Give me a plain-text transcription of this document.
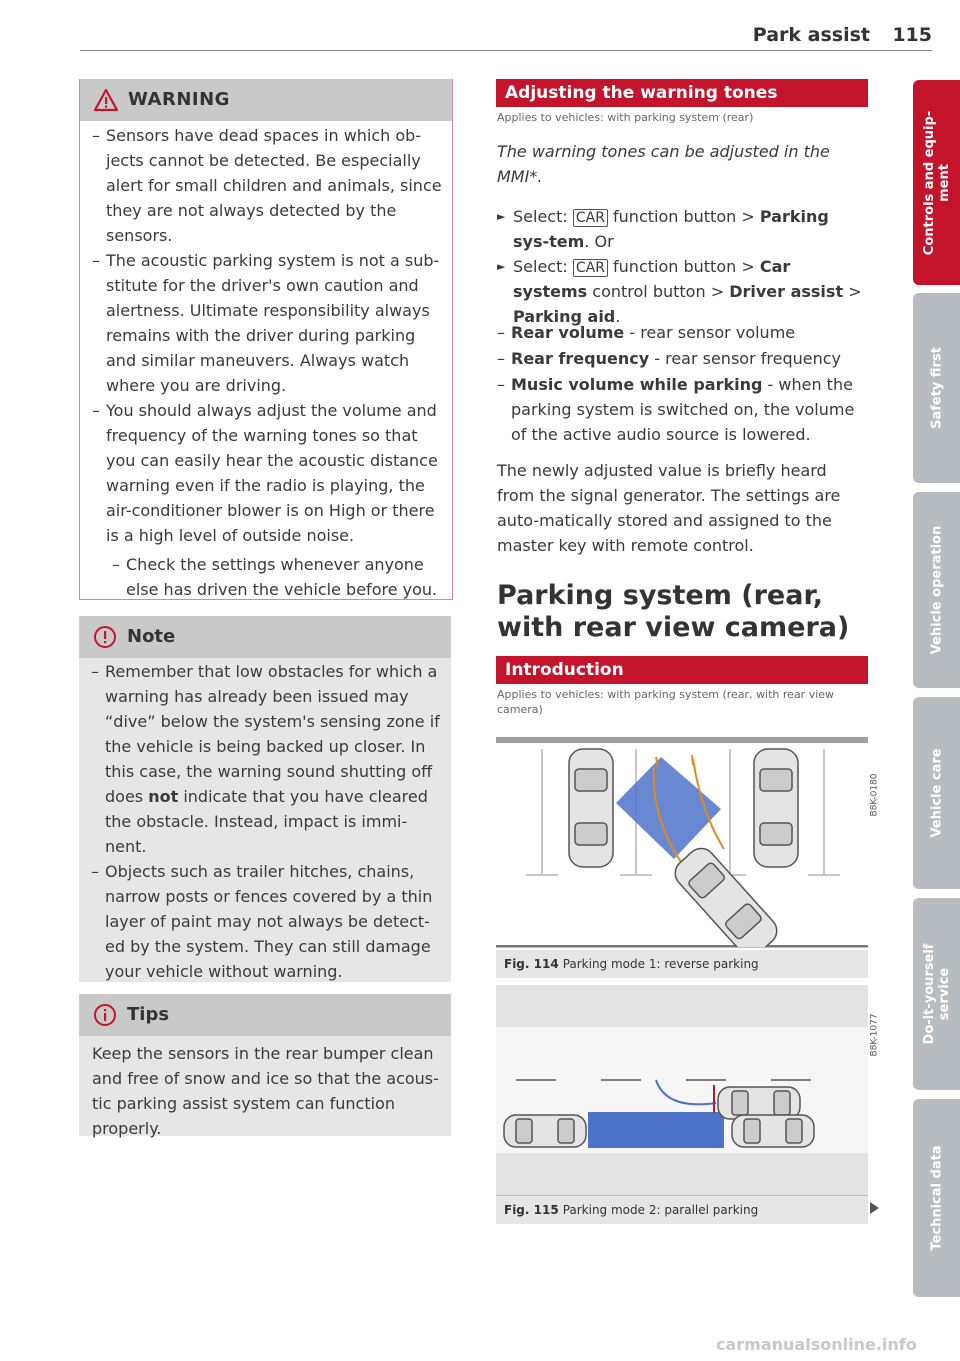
Park assist	115
Controls and equip-
ment
Safety first
Vehicle operation
Vehicle care
Do-it-yourself
service
Technical data
WARNING
– Sensors have dead spaces in which ob-jects cannot be detected. Be especially alert for small children and animals, since they are not always detected by the sensors.
– The acoustic parking system is not a sub-stitute for the driver's own caution and alertness. Ultimate responsibility always remains with the driver during parking and similar maneuvers. Always watch where you are driving.
– You should always adjust the volume and frequency of the warning tones so that you can easily hear the acoustic distance warning even if the radio is playing, the air-conditioner blower is on High or there is a high level of outside noise.
– Check the settings whenever anyone else has driven the vehicle before you.
Note
– Remember that low obstacles for which a warning has already been issued may “dive” below the system's sensing zone if the vehicle is being backed up closer. In this case, the warning sound shutting off does not indicate that you have cleared the obstacle. Instead, impact is immi-nent.
– Objects such as trailer hitches, chains, narrow posts or fences covered by a thin layer of paint may not always be detect-ed by the system. They can still damage your vehicle without warning.
Tips
Keep the sensors in the rear bumper clean and free of snow and ice so that the acous-tic parking assist system can function properly.
Adjusting the warning tones
Applies to vehicles: with parking system (rear)
The warning tones can be adjusted in the MMI*.
► Select: CAR function button > Parking sys-tem. Or
► Select: CAR function button > Car systems control button > Driver assist > Parking aid.
– Rear volume - rear sensor volume
– Rear frequency - rear sensor frequency
– Music volume while parking - when the parking system is switched on, the volume of the active audio source is lowered.
The newly adjusted value is briefly heard from the signal generator. The settings are auto-matically stored and assigned to the master key with remote control.
Parking system (rear,
with rear view camera)
Introduction
Applies to vehicles: with parking system (rear, with rear view camera)
B8K-0180
Fig. 114 Parking mode 1: reverse parking
B8K-1077
Fig. 115 Parking mode 2: parallel parking
carmanualsonline.info
